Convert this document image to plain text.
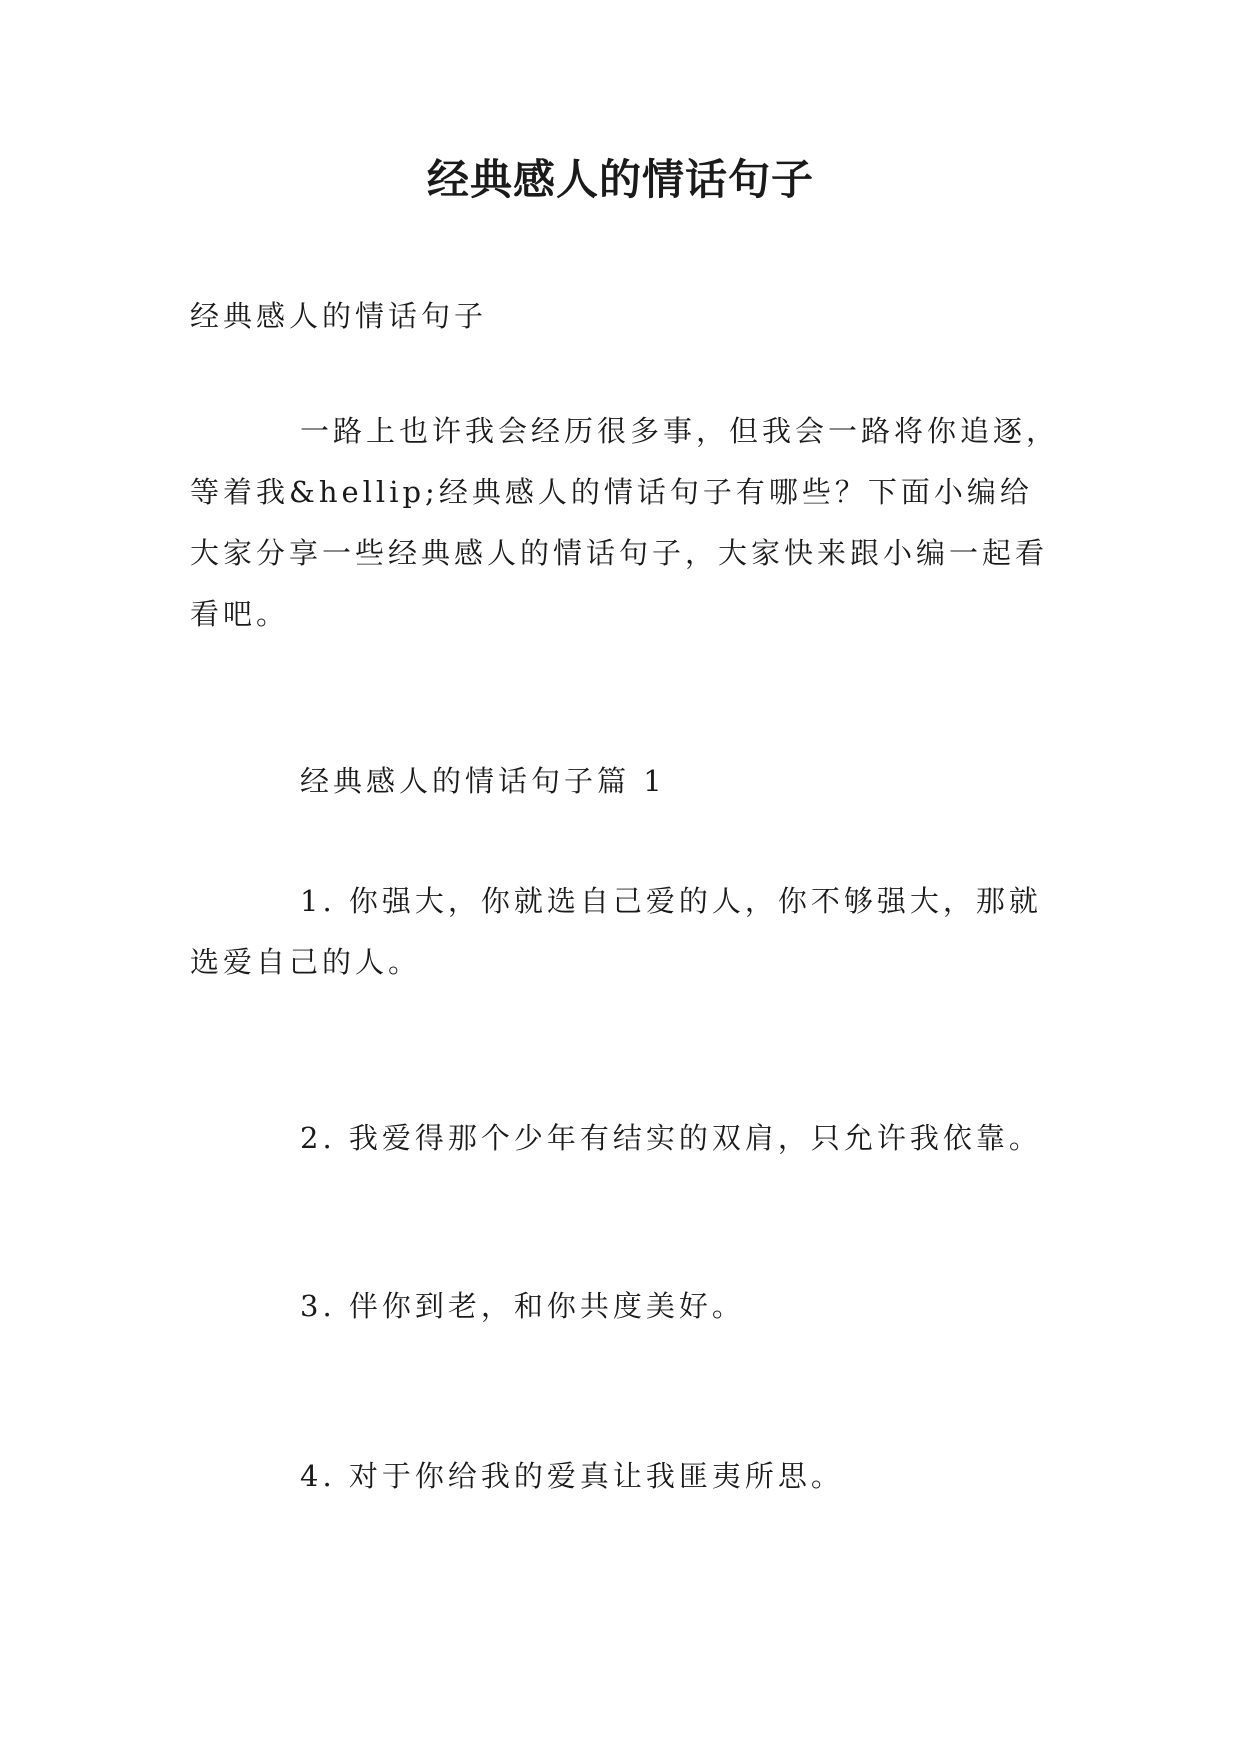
经典感人的情话句子

经典感人的情话句子

一路上也许我会经历很多事，但我会一路将你追逐，等着我&hellip;经典感人的情话句子有哪些？下面小编给大家分享一些经典感人的情话句子，大家快来跟小编一起看看吧。

经典感人的情话句子篇 1

1. 你强大，你就选自己爱的人，你不够强大，那就选爱自己的人。

2. 我爱得那个少年有结实的双肩，只允许我依靠。

3. 伴你到老，和你共度美好。

4. 对于你给我的爱真让我匪夷所思。
